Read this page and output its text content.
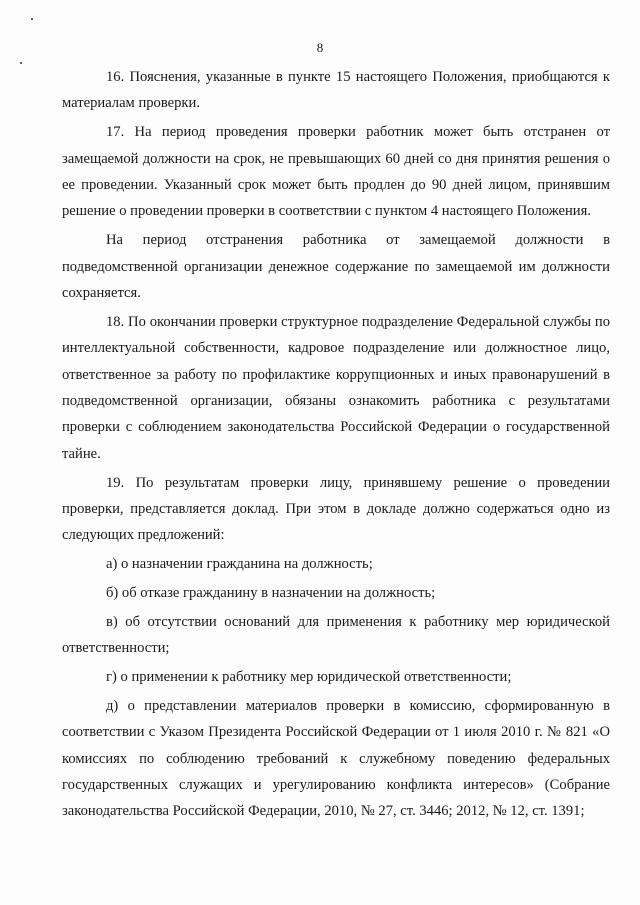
8

16. Пояснения, указанные в пункте 15 настоящего Положения, приобщаются к материалам проверки.

17. На период проведения проверки работник может быть отстранен от замещаемой должности на срок, не превышающих 60 дней со дня принятия решения о ее проведении. Указанный срок может быть продлен до 90 дней лицом, принявшим решение о проведении проверки в соответствии с пунктом 4 настоящего Положения.

На период отстранения работника от замещаемой должности в подведомственной организации денежное содержание по замещаемой им должности сохраняется.

18. По окончании проверки структурное подразделение Федеральной службы по интеллектуальной собственности, кадровое подразделение или должностное лицо, ответственное за работу по профилактике коррупционных и иных правонарушений в подведомственной организации, обязаны ознакомить работника с результатами проверки с соблюдением законодательства Российской Федерации о государственной тайне.

19. По результатам проверки лицу, принявшему решение о проведении проверки, представляется доклад. При этом в докладе должно содержаться одно из следующих предложений:

а) о назначении гражданина на должность;

б) об отказе гражданину в назначении на должность;

в) об отсутствии оснований для применения к работнику мер юридической ответственности;

г) о применении к работнику мер юридической ответственности;

д) о представлении материалов проверки в комиссию, сформированную в соответствии с Указом Президента Российской Федерации от 1 июля 2010 г. № 821 «О комиссиях по соблюдению требований к служебному поведению федеральных государственных служащих и урегулированию конфликта интересов» (Собрание законодательства Российской Федерации, 2010, № 27, ст. 3446; 2012, № 12, ст. 1391;
